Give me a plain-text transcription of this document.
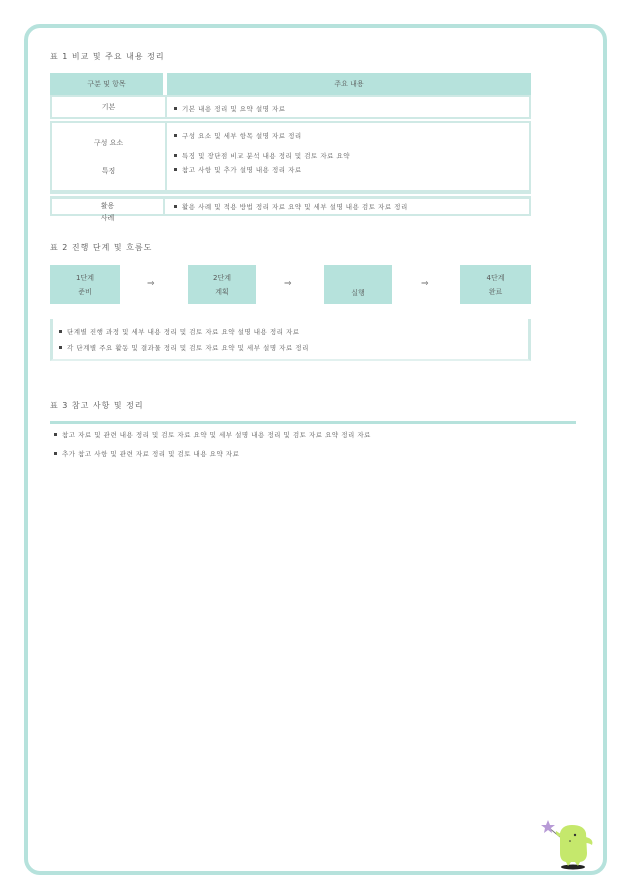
표 1 비교 및 주요 내용 정리
구분 및 항목	주요 내용
기본	기본 내용 정리 및 요약 설명 자료
구성 요소
특징
구성 요소 및 세부 항목 설명 자료 정리
특징 및 장단점 비교 분석 내용 정리 및 검토 자료 요약
참고 사항 및 추가 설명 내용 정리 자료
활용
사례
활용 사례 및 적용 방법 정리 자료 요약 및 세부 설명 내용 검토 자료 정리
표 2 진행 단계 및 흐름도
1단계
준비
⇒
2단계
계획
⇒
실행
⇒
4단계
완료
단계별 진행 과정 및 세부 내용 정리 및 검토 자료 요약 설명 내용 정리 자료
각 단계별 주요 활동 및 결과물 정리 및 검토 자료 요약 및 세부 설명 자료 정리
표 3 참고 사항 및 정리
참고 자료 및 관련 내용 정리 및 검토 자료 요약 및 세부 설명 내용 정리 및 검토 자료 요약 정리 자료
추가 참고 사항 및 관련 자료 정리 및 검토 내용 요약 자료
